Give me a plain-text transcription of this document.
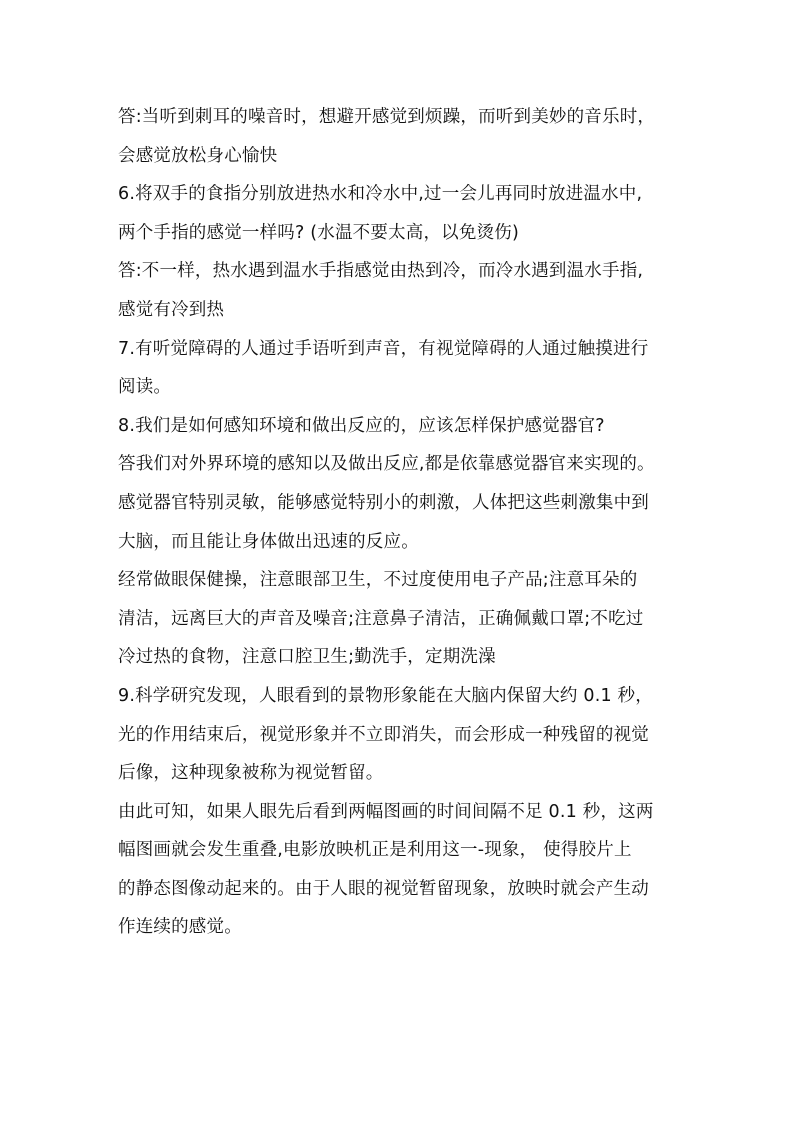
答:当听到刺耳的噪音时，想避开感觉到烦躁，而听到美妙的音乐时，
会感觉放松身心愉快
6.将双手的食指分别放进热水和冷水中,过一会儿再同时放进温水中,
两个手指的感觉一样吗? (水温不要太高，以免烫伤)
答:不一样，热水遇到温水手指感觉由热到冷，而冷水遇到温水手指,
感觉有冷到热
7.有听觉障碍的人通过手语听到声音，有视觉障碍的人通过触摸进行
阅读。
8.我们是如何感知环境和做出反应的，应该怎样保护感觉器官?
答我们对外界环境的感知以及做出反应,都是依靠感觉器官来实现的。
感觉器官特别灵敏，能够感觉特别小的刺激，人体把这些刺激集中到
大脑，而且能让身体做出迅速的反应。
经常做眼保健操，注意眼部卫生，不过度使用电子产品;注意耳朵的
清洁，远离巨大的声音及噪音;注意鼻子清洁，正确佩戴口罩;不吃过
冷过热的食物，注意口腔卫生;勤洗手，定期洗澡
9.科学研究发现，人眼看到的景物形象能在大脑内保留大约 0.1 秒，
光的作用结束后，视觉形象并不立即消失，而会形成一种残留的视觉
后像，这种现象被称为视觉暂留。
由此可知，如果人眼先后看到两幅图画的时间间隔不足 0.1 秒，这两
幅图画就会发生重叠,电影放映机正是利用这一-现象， 使得胶片上
的静态图像动起来的。由于人眼的视觉暂留现象，放映时就会产生动
作连续的感觉。
